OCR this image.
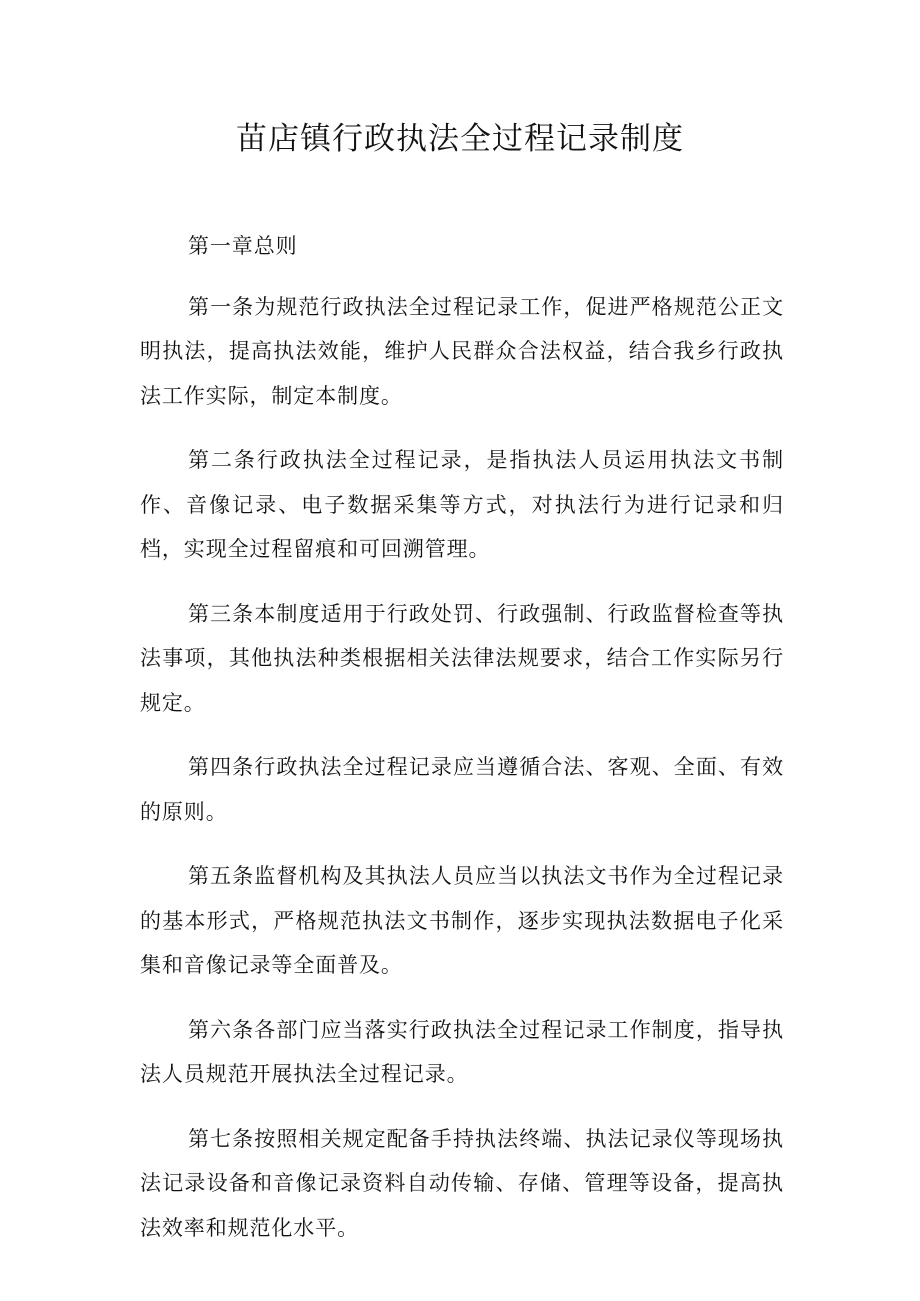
苗店镇行政执法全过程记录制度

第一章总则

第一条为规范行政执法全过程记录工作，促进严格规范公正文明执法，提高执法效能，维护人民群众合法权益，结合我乡行政执法工作实际，制定本制度。

第二条行政执法全过程记录，是指执法人员运用执法文书制作、音像记录、电子数据采集等方式，对执法行为进行记录和归档，实现全过程留痕和可回溯管理。

第三条本制度适用于行政处罚、行政强制、行政监督检查等执法事项，其他执法种类根据相关法律法规要求，结合工作实际另行规定。

第四条行政执法全过程记录应当遵循合法、客观、全面、有效的原则。

第五条监督机构及其执法人员应当以执法文书作为全过程记录的基本形式，严格规范执法文书制作，逐步实现执法数据电子化采集和音像记录等全面普及。

第六条各部门应当落实行政执法全过程记录工作制度，指导执法人员规范开展执法全过程记录。

第七条按照相关规定配备手持执法终端、执法记录仪等现场执法记录设备和音像记录资料自动传输、存储、管理等设备，提高执法效率和规范化水平。
